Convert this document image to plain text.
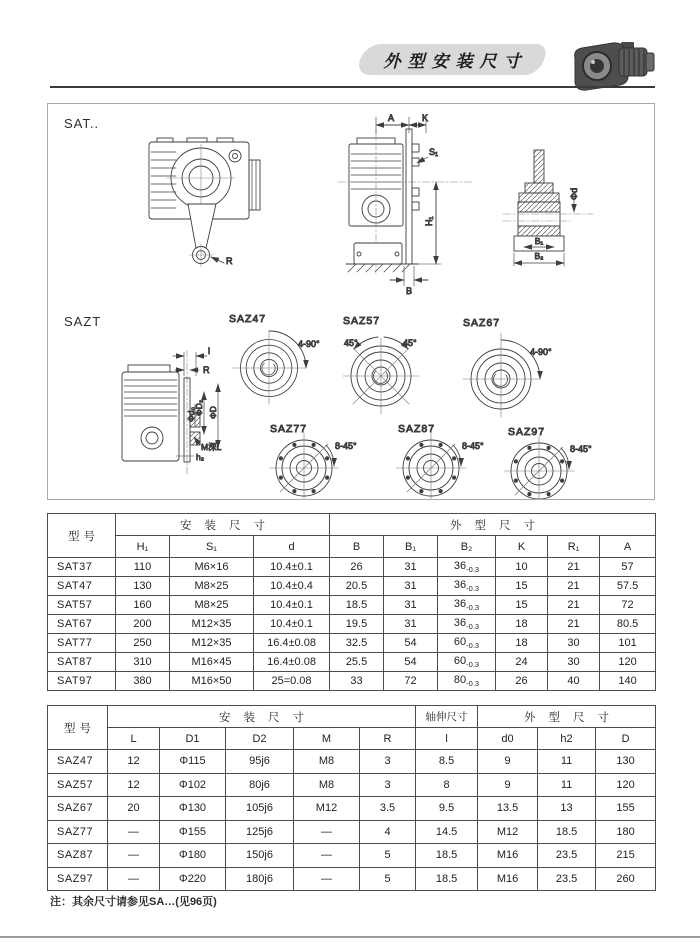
外型安装尺寸
SAT..
SAZT
R
A	K
S₁
H₁
B
Φd
B₁
B₂
l
R
ΦD₂ ΦD
Φd₀
M深L
h₂
SAZ47
4-90°
SAZ57
45°	45°
SAZ67
4-90°
SAZ77
8-45°
SAZ87
8-45°
SAZ97
8-45°
型号	安装尺寸			外型尺寸					
	H₁	S₁	d	B	B₁	B₂	K	R₁	A
SAT37	110	M6×16	10.4±0.1	26	31	$36_{-0.3}$	10	21	57
SAT47	130	M8×25	10.4±0.4	20.5	31	$36_{-0.3}$	15	21	57.5
SAT57	160	M8×25	10.4±0.1	18.5	31	$36_{-0.3}$	15	21	72
SAT67	200	M12×35	10.4±0.1	19.5	31	$36_{-0.3}$	18	21	80.5
SAT77	250	M12×35	16.4±0.08	32.5	54	$60_{-0.3}$	18	30	101
SAT87	310	M16×45	16.4±0.08	25.5	54	$60_{-0.3}$	24	30	120
SAT97	380	M16×50	25=0.08	33	72	$80_{-0.3}$	26	40	140
型号	安装尺寸					轴伸尺寸	外型尺寸		
	L	D1	D2	M	R	l	d0	h2	D
SAZ47	12	Φ115	95j6	M8	3	8.5	9	11	130
SAZ57	12	Φ102	80j6	M8	3	8	9	11	120
SAZ67	20	Φ130	105j6	M12	3.5	9.5	13.5	13	155
SAZ77	—	Φ155	125j6	—	4	14.5	M12	18.5	180
SAZ87	—	Φ180	150j6	—	5	18.5	M16	23.5	215
SAZ97	—	Φ220	180j6	—	5	18.5	M16	23.5	260
注：其余尺寸请参见SA…(见96页)
